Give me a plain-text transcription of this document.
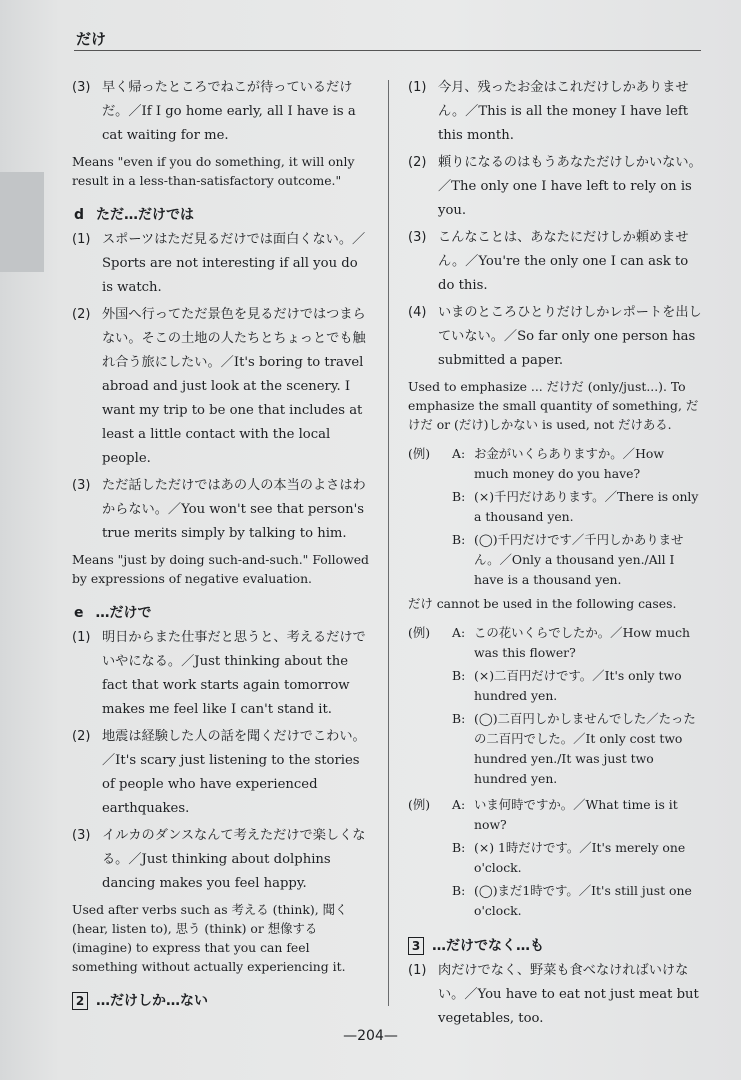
だけ
(3) 早く帰ったところでねこが待っているだけだ。／If I go home early, all I have is a cat waiting for me.
Means "even if you do something, it will only result in a less-than-satisfactory outcome."
d ただ…だけでは
(1) スポーツはただ見るだけでは面白くない。／Sports are not interesting if all you do is watch.
(2) 外国へ行ってただ景色を見るだけではつまらない。そこの土地の人たちとちょっとでも触れ合う旅にしたい。／It's boring to travel abroad and just look at the scenery. I want my trip to be one that includes at least a little contact with the local people.
(3) ただ話しただけではあの人の本当のよさはわからない。／You won't see that person's true merits simply by talking to him.
Means "just by doing such-and-such." Followed by expressions of negative evaluation.
e …だけで
(1) 明日からまた仕事だと思うと、考えるだけでいやになる。／Just thinking about the fact that work starts again tomorrow makes me feel like I can't stand it.
(2) 地震は経験した人の話を聞くだけでこわい。／It's scary just listening to the stories of people who have experienced earthquakes.
(3) イルカのダンスなんて考えただけで楽しくなる。／Just thinking about dolphins dancing makes you feel happy.
Used after verbs such as 考える (think), 聞く (hear, listen to), 思う (think) or 想像する (imagine) to express that you can feel something without actually experiencing it.
2 …だけしか…ない
(1) 今月、残ったお金はこれだけしかありません。／This is all the money I have left this month.
(2) 頼りになるのはもうあなただけしかいない。／The only one I have left to rely on is you.
(3) こんなことは、あなたにだけしか頼めません。／You're the only one I can ask to do this.
(4) いまのところひとりだけしかレポートを出していない。／So far only one person has submitted a paper.
Used to emphasize ... だけだ (only/just...). To emphasize the small quantity of something, だけだ or (だけ)しかない is used, not だけある.
(例)	A: お金がいくらありますか。／How much money do you have?
B: (×)千円だけあります。／There is only a thousand yen.
B: (◯)千円だけです／千円しかありません。／Only a thousand yen./All I have is a thousand yen.
だけ cannot be used in the following cases.
(例)	A: この花いくらでしたか。／How much was this flower?
B: (×)二百円だけです。／It's only two hundred yen.
B: (◯)二百円しかしませんでした／たったの二百円でした。／It only cost two hundred yen./It was just two hundred yen.
(例)	A: いま何時ですか。／What time is it now?
B: (×) 1時だけです。／It's merely one o'clock.
B: (◯)まだ1時です。／It's still just one o'clock.
3 …だけでなく…も
(1) 肉だけでなく、野菜も食べなければいけない。／You have to eat not just meat but vegetables, too.
—204—
